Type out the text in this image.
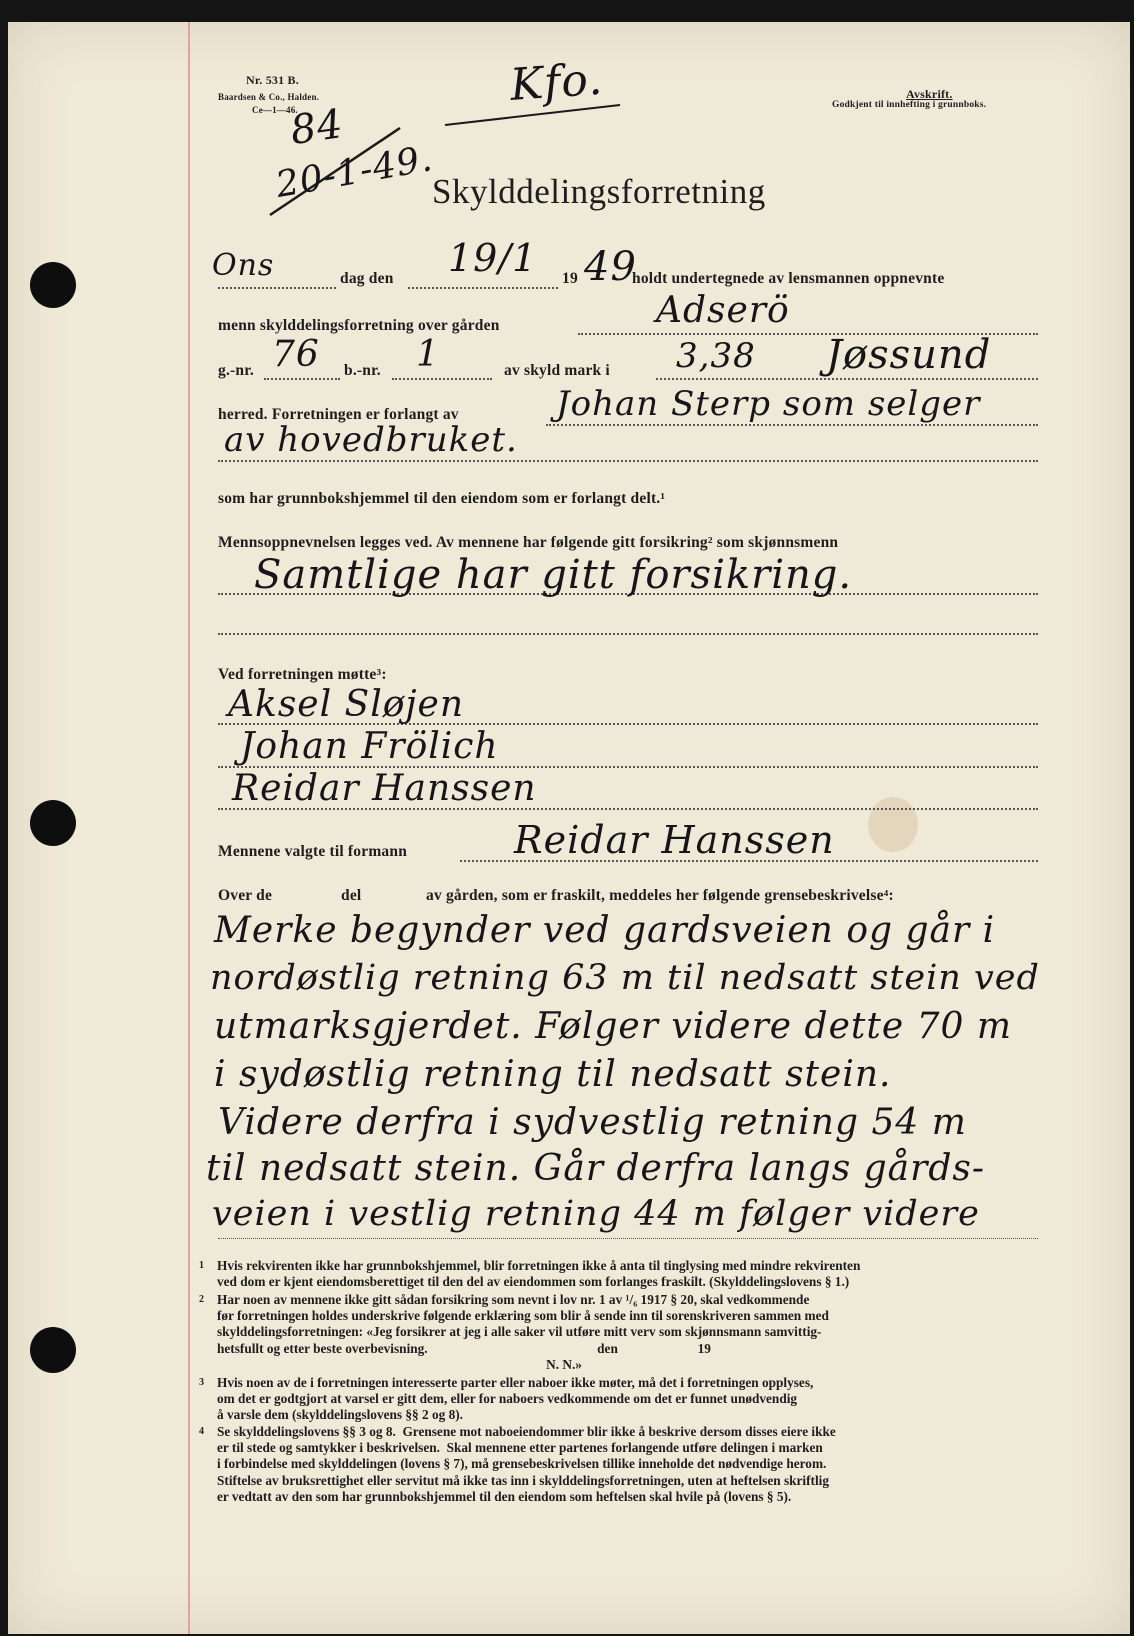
Nr. 531 B.
Baardsen & Co., Halden.
Ce—1—46.
Avskrift.
Godkjent til innhefting i grunnboks.
84
Kfo.
20-1-49.
Skylddelingsforretning
Ons	dag den 19/1 19 49
holdt undertegnede av lensmannen oppnevnte
menn skylddelingsforretning over gården	Adserö
g.-nr. 76 b.-nr. 1	av skyld mark i 3,38 Jøssund
herred. Forretningen er forlangt av	Johan Sterp som selger
av hovedbruket.
som har grunnbokshjemmel til den eiendom som er forlangt delt.¹
Mennsoppnevnelsen legges ved. Av mennene har følgende gitt forsikring² som skjønnsmenn
Samtlige har gitt forsikring.
Ved forretningen møtte³:
Aksel Sløjen
Johan Frölich
Reidar Hanssen
Mennene valgte til formann	Reidar Hanssen
Over de	del	av gården, som er fraskilt, meddeles her følgende grensebeskrivelse⁴:
Merke begynder ved gardsveien og går i
nordøstlig retning 63 m til nedsatt stein ved
utmarksgjerdet. Følger videre dette 70 m
i sydøstlig retning til nedsatt stein.
Videre derfra i sydvestlig retning 54 m
til nedsatt stein. Går derfra langs gårds-
veien i vestlig retning 44 m følger videre
1 Hvis rekvirenten ikke har grunnbokshjemmel, blir forretningen ikke å anta til tinglysing med mindre rekvirenten
ved dom er kjent eiendomsberettiget til den del av eiendommen som forlanges fraskilt. (Skylddelingslovens § 1.)
2 Har noen av mennene ikke gitt sådan forsikring som nevnt i lov nr. 1 av ¹/₆ 1917 § 20, skal vedkommende
før forretningen holdes underskrive følgende erklæring som blir å sende inn til sorenskriveren sammen med
skylddelingsforretningen: «Jeg forsikrer at jeg i alle saker vil utføre mitt verv som skjønnsmann samvittig-
hetsfullt og etter beste overbevisning.                                                   den                        19
N. N.»
3 Hvis noen av de i forretningen interesserte parter eller naboer ikke møter, må det i forretningen opplyses,
om det er godtgjort at varsel er gitt dem, eller for naboers vedkommende om det er funnet unødvendig
å varsle dem (skylddelingslovens §§ 2 og 8).
4 Se skylddelingslovens §§ 3 og 8.  Grensene mot naboeiendommer blir ikke å beskrive dersom disses eiere ikke
er til stede og samtykker i beskrivelsen.  Skal mennene etter partenes forlangende utføre delingen i marken
i forbindelse med skylddelingen (lovens § 7), må grensebeskrivelsen tillike inneholde det nødvendige herom.
Stiftelse av bruksrettighet eller servitut må ikke tas inn i skylddelingsforretningen, uten at heftelsen skriftlig
er vedtatt av den som har grunnbokshjemmel til den eiendom som heftelsen skal hvile på (lovens § 5).
